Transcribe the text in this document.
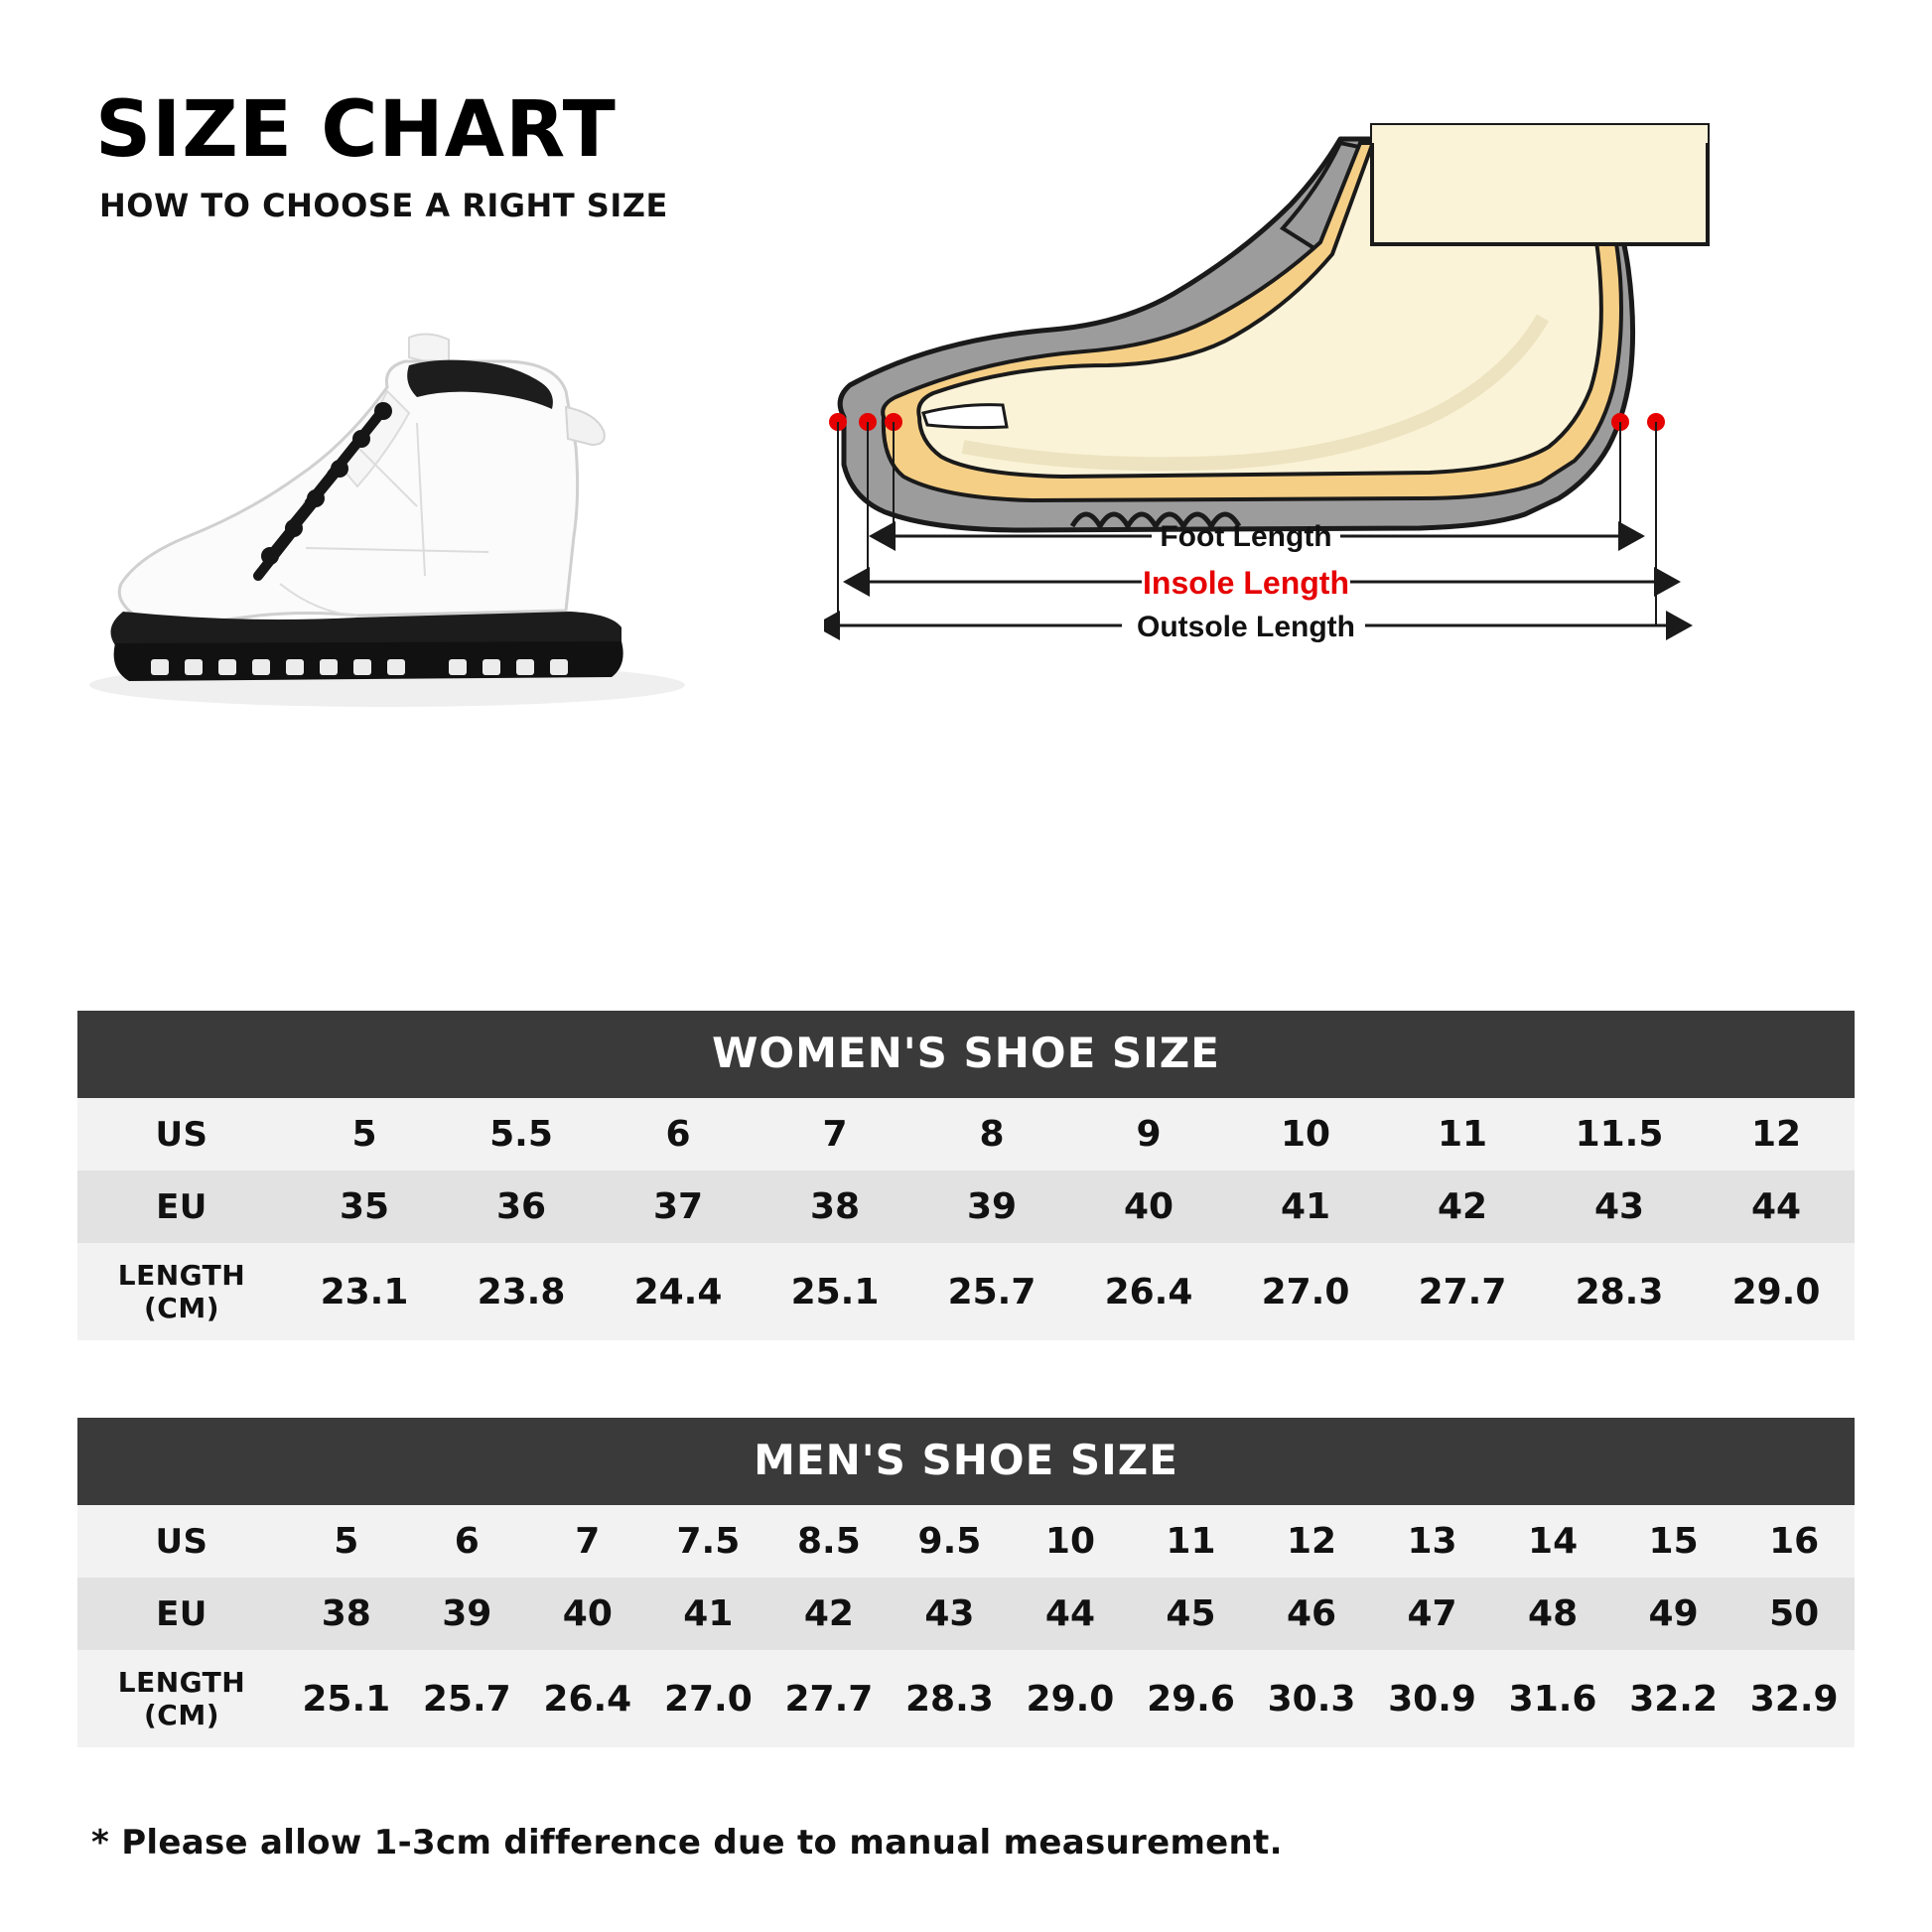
SIZE CHART
HOW TO CHOOSE A RIGHT SIZE
Foot Length
Insole Length
Outsole Length
WOMEN'S SHOE SIZE
US	5	5.5	6	7	8	9	10	11	11.5	12
EU	35	36	37	38	39	40	41	42	43	44
LENGTH (CM)	23.1	23.8	24.4	25.1	25.7	26.4	27.0	27.7	28.3	29.0
MEN'S SHOE SIZE
US	5	6	7	7.5	8.5	9.5	10	11	12	13	14	15	16
EU	38	39	40	41	42	43	44	45	46	47	48	49	50
LENGTH (CM)	25.1	25.7	26.4	27.0	27.7	28.3	29.0	29.6	30.3	30.9	31.6	32.2	32.9
* Please allow 1-3cm difference due to manual measurement.
